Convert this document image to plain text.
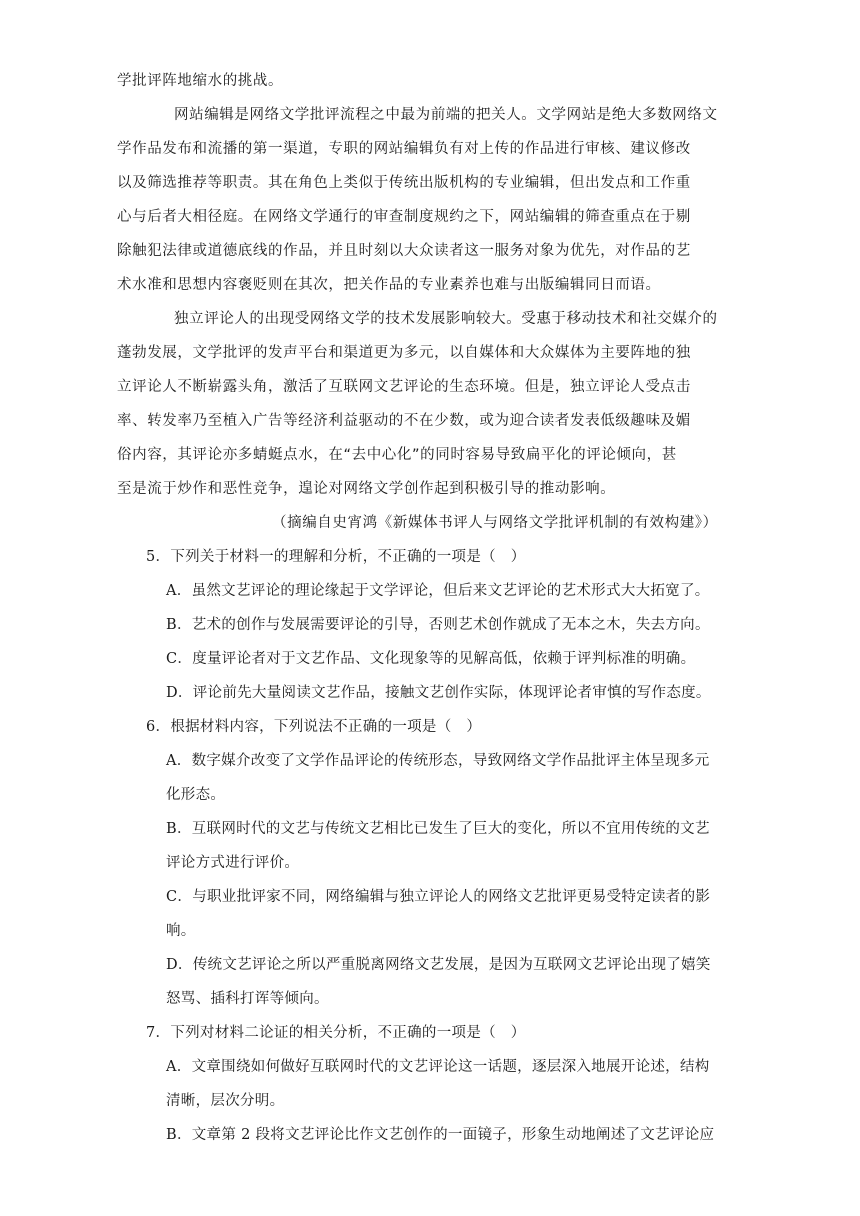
学批评阵地缩水的挑战。
网站编辑是网络文学批评流程之中最为前端的把关人。文学网站是绝大多数网络文
学作品发布和流播的第一渠道，专职的网站编辑负有对上传的作品进行审核、建议修改
以及筛选推荐等职责。其在角色上类似于传统出版机构的专业编辑，但出发点和工作重
心与后者大相径庭。在网络文学通行的审查制度规约之下，网站编辑的筛查重点在于剔
除触犯法律或道德底线的作品，并且时刻以大众读者这一服务对象为优先，对作品的艺
术水准和思想内容褒贬则在其次，把关作品的专业素养也难与出版编辑同日而语。
独立评论人的出现受网络文学的技术发展影响较大。受惠于移动技术和社交媒介的
蓬勃发展，文学批评的发声平台和渠道更为多元，以自媒体和大众媒体为主要阵地的独
立评论人不断崭露头角，激活了互联网文艺评论的生态环境。但是，独立评论人受点击
率、转发率乃至植入广告等经济利益驱动的不在少数，或为迎合读者发表低级趣味及媚
俗内容，其评论亦多蜻蜓点水，在“去中心化”的同时容易导致扁平化的评论倾向，甚
至是流于炒作和恶性竞争，遑论对网络文学创作起到积极引导的推动影响。
（摘编自史宵鸿《新媒体书评人与网络文学批评机制的有效构建》）
5．下列关于材料一的理解和分析，不正确的一项是（　）
A．虽然文艺评论的理论缘起于文学评论，但后来文艺评论的艺术形式大大拓宽了。
B．艺术的创作与发展需要评论的引导，否则艺术创作就成了无本之木，失去方向。
C．度量评论者对于文艺作品、文化现象等的见解高低，依赖于评判标准的明确。
D．评论前先大量阅读文艺作品，接触文艺创作实际，体现评论者审慎的写作态度。
6．根据材料内容，下列说法不正确的一项是（　）
A．数字媒介改变了文学作品评论的传统形态，导致网络文学作品批评主体呈现多元
化形态。
B．互联网时代的文艺与传统文艺相比已发生了巨大的变化，所以不宜用传统的文艺
评论方式进行评价。
C．与职业批评家不同，网络编辑与独立评论人的网络文艺批评更易受特定读者的影
响。
D．传统文艺评论之所以严重脱离网络文艺发展，是因为互联网文艺评论出现了嬉笑
怒骂、插科打诨等倾向。
7．下列对材料二论证的相关分析，不正确的一项是（　）
A．文章围绕如何做好互联网时代的文艺评论这一话题，逐层深入地展开论述，结构
清晰，层次分明。
B．文章第 2 段将文艺评论比作文艺创作的一面镜子，形象生动地阐述了文艺评论应
